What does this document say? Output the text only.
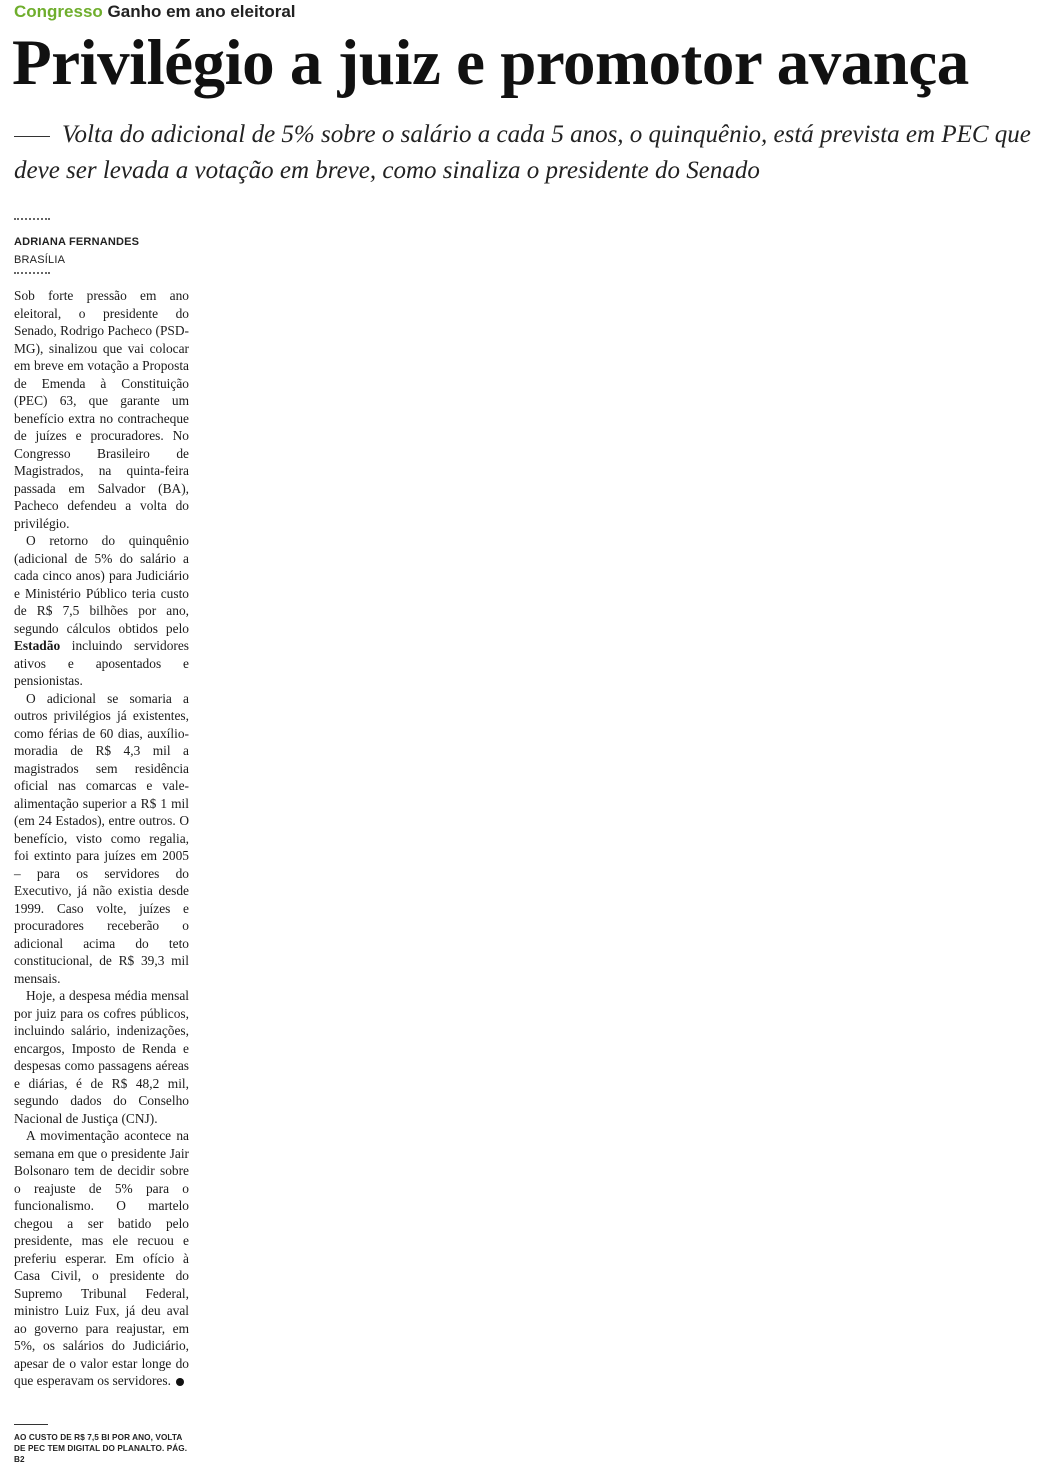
Congresso Ganho em ano eleitoral
Privilégio a juiz e promotor avança

Volta do adicional de 5% sobre o salário a cada 5 anos, o quinquênio, está prevista em PEC que deve ser levada a votação em breve, como sinaliza o presidente do Senado

ADRIANA FERNANDES
BRASÍLIA

Sob forte pressão em ano eleitoral, o presidente do Senado, Rodrigo Pacheco (PSD-MG), sinalizou que vai colocar em breve em votação a Proposta de Emenda à Constituição (PEC) 63, que garante um benefício extra no contracheque de juízes e procuradores. No Congresso Brasileiro de Magistrados, na quinta-feira passada em Salvador (BA), Pacheco defendeu a volta do privilégio.

O retorno do quinquênio (adicional de 5% do salário a cada cinco anos) para Judiciário e Ministério Público teria custo de R$ 7,5 bilhões por ano, segundo cálculos obtidos pelo Estadão incluindo servidores ativos e aposentados e pensionistas.

O adicional se somaria a outros privilégios já existentes, como férias de 60 dias, auxílio-moradia de R$ 4,3 mil a magistrados sem residência oficial nas comarcas e vale-alimentação superior a R$ 1 mil (em 24 Estados), entre outros. O benefício, visto como regalia, foi extinto para juízes em 2005 – para os servidores do Executivo, já não existia desde 1999. Caso volte, juízes e procuradores receberão o adicional acima do teto constitucional, de R$ 39,3 mil mensais.

Hoje, a despesa média mensal por juiz para os cofres públicos, incluindo salário, indenizações, encargos, Imposto de Renda e despesas como passagens aéreas e diárias, é de R$ 48,2 mil, segundo dados do Conselho Nacional de Justiça (CNJ).

A movimentação acontece na semana em que o presidente Jair Bolsonaro tem de decidir sobre o reajuste de 5% para o funcionalismo. O martelo chegou a ser batido pelo presidente, mas ele recuou e preferiu esperar. Em ofício à Casa Civil, o presidente do Supremo Tribunal Federal, ministro Luiz Fux, já deu aval ao governo para reajustar, em 5%, os salários do Judiciário, apesar de o valor estar longe do que esperavam os servidores.

AO CUSTO DE R$ 7,5 BI POR ANO, VOLTA DE PEC TEM DIGITAL DO PLANALTO. PÁG. B2
